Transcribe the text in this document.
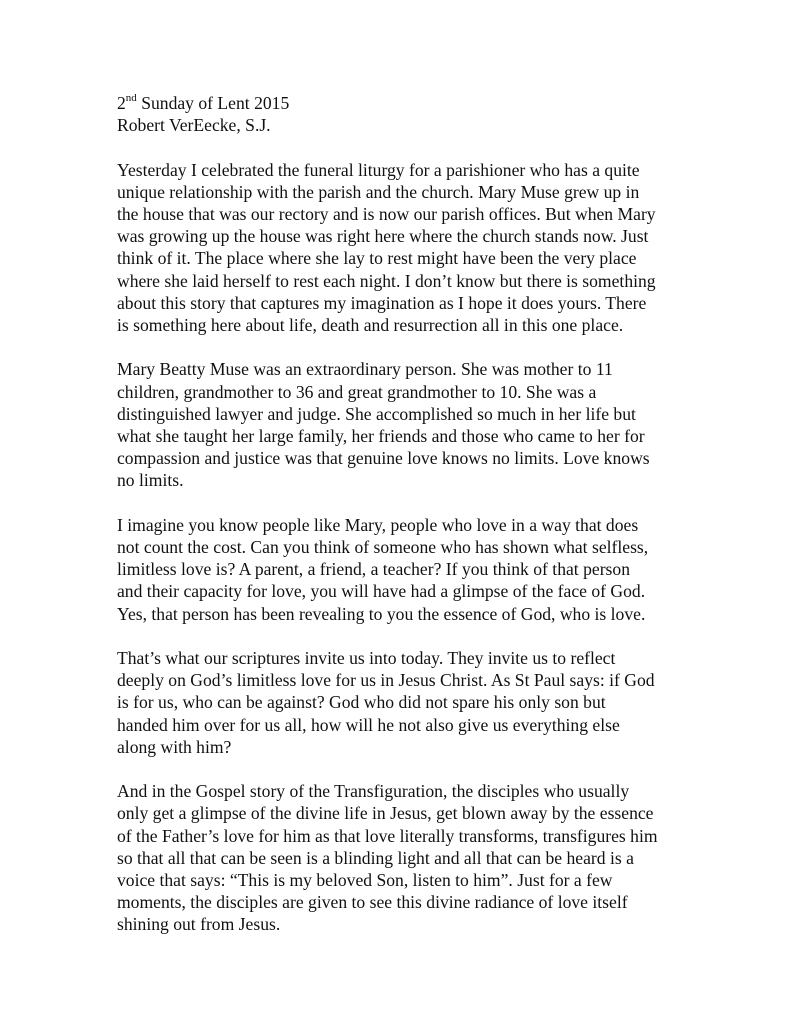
2nd Sunday of Lent 2015

Robert VerEecke, S.J.

Yesterday I celebrated the funeral liturgy for a parishioner who has a quite
unique relationship with the parish and the church. Mary Muse grew up in
the house that was our rectory and is now our parish offices. But when Mary
was growing up the house was right here where the church stands now. Just
think of it. The place where she lay to rest might have been the very place
where she laid herself to rest each night. I don’t know but there is something
about this story that captures my imagination as I hope it does yours. There
is something here about life, death and resurrection all in this one place.

Mary Beatty Muse was an extraordinary person. She was mother to 11
children, grandmother to 36 and great grandmother to 10. She was a
distinguished lawyer and judge. She accomplished so much in her life but
what she taught her large family, her friends and those who came to her for
compassion and justice was that genuine love knows no limits. Love knows
no limits.

I imagine you know people like Mary, people who love in a way that does
not count the cost. Can you think of someone who has shown what selfless,
limitless love is? A parent, a friend, a teacher? If you think of that person
and their capacity for love, you will have had a glimpse of the face of God.
Yes, that person has been revealing to you the essence of God, who is love.

That’s what our scriptures invite us into today. They invite us to reflect
deeply on God’s limitless love for us in Jesus Christ. As St Paul says: if God
is for us, who can be against? God who did not spare his only son but
handed him over for us all, how will he not also give us everything else
along with him?

And in the Gospel story of the Transfiguration, the disciples who usually
only get a glimpse of the divine life in Jesus, get blown away by the essence
of the Father’s love for him as that love literally transforms, transfigures him
so that all that can be seen is a blinding light and all that can be heard is a
voice that says: “This is my beloved Son, listen to him”. Just for a few
moments, the disciples are given to see this divine radiance of love itself
shining out from Jesus.
